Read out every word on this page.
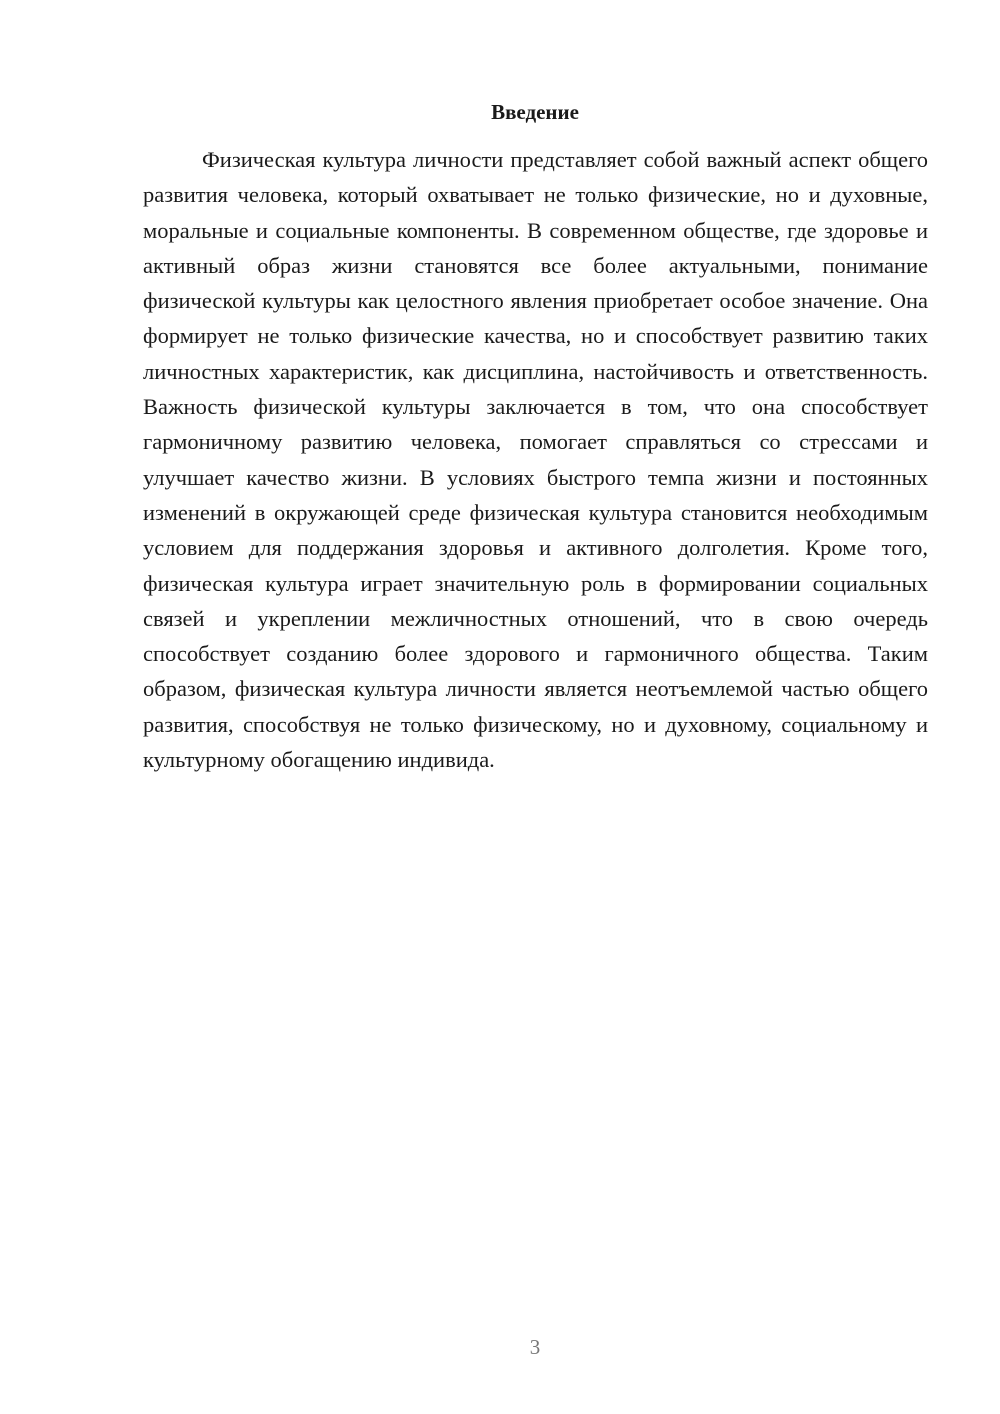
Введение

Физическая культура личности представляет собой важный аспект общего развития человека, который охватывает не только физические, но и духовные, моральные и социальные компоненты. В современном обществе, где здоровье и активный образ жизни становятся все более актуальными, понимание физической культуры как целостного явления приобретает особое значение. Она формирует не только физические качества, но и способствует развитию таких личностных характеристик, как дисциплина, настойчивость и ответственность. Важность физической культуры заключается в том, что она способствует гармоничному развитию человека, помогает справляться со стрессами и улучшает качество жизни. В условиях быстрого темпа жизни и постоянных изменений в окружающей среде физическая культура становится необходимым условием для поддержания здоровья и активного долголетия. Кроме того, физическая культура играет значительную роль в формировании социальных связей и укреплении межличностных отношений, что в свою очередь способствует созданию более здорового и гармоничного общества. Таким образом, физическая культура личности является неотъемлемой частью общего развития, способствуя не только физическому, но и духовному, социальному и культурному обогащению индивида.

3
